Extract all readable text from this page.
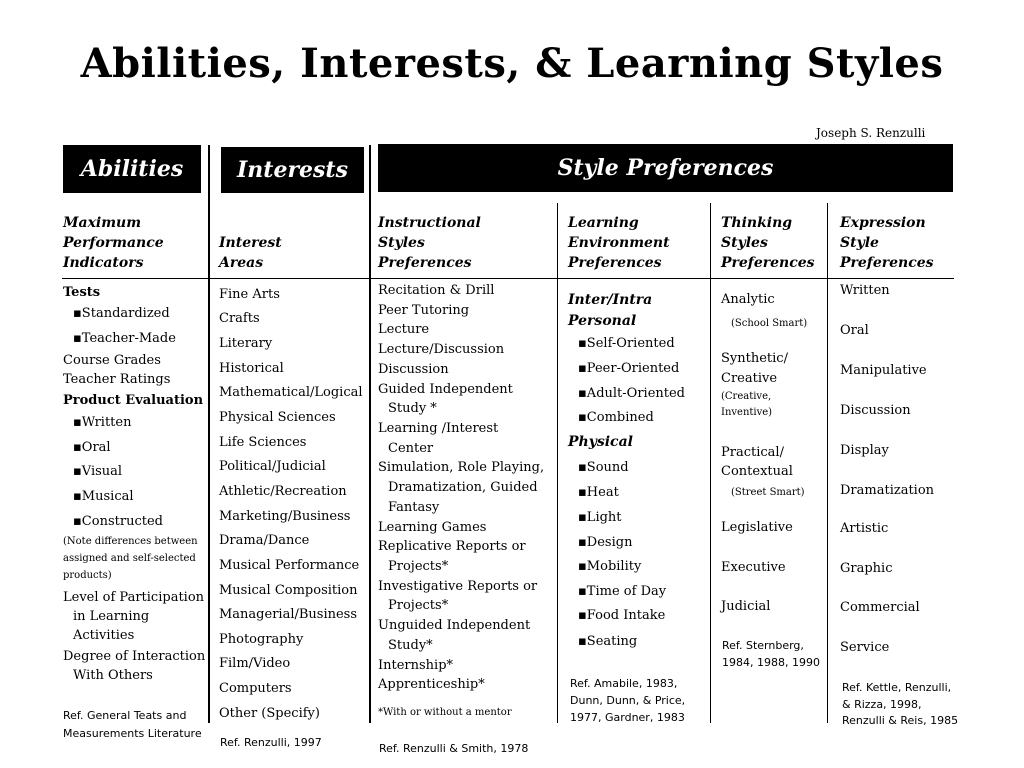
Abilities, Interests, & Learning Styles
Joseph S. Renzulli
Abilities	Interests	Style Preferences
Maximum
Performance
Indicators
Interest
Areas
Instructional
Styles
Preferences
Learning
Environment
Preferences
Thinking
Styles
Preferences
Expression
Style
Preferences
Tests
▪Standardized
▪Teacher-Made
Course Grades
Teacher Ratings
Product Evaluation
▪Written
▪Oral
▪Visual
▪Musical
▪Constructed
(Note differences between
assigned and self-selected
products)
Level of Participation
in Learning
Activities
Degree of Interaction
With Others
Ref. General Teats and
Measurements Literature
Fine Arts
Crafts
Literary
Historical
Mathematical/Logical
Physical Sciences
Life Sciences
Political/Judicial
Athletic/Recreation
Marketing/Business
Drama/Dance
Musical Performance
Musical Composition
Managerial/Business
Photography
Film/Video
Computers
Other (Specify)
Ref. Renzulli, 1997
Recitation & Drill
Peer Tutoring
Lecture
Lecture/Discussion
Discussion
Guided Independent
Study *
Learning /Interest
Center
Simulation, Role Playing,
Dramatization, Guided
Fantasy
Learning Games
Replicative Reports or
Projects*
Investigative Reports or
Projects*
Unguided Independent
Study*
Internship*
Apprenticeship*
*With or without a mentor
Ref. Renzulli & Smith, 1978
Inter/Intra
Personal
▪Self-Oriented
▪Peer-Oriented
▪Adult-Oriented
▪Combined
Physical
▪Sound
▪Heat
▪Light
▪Design
▪Mobility
▪Time of Day
▪Food Intake
▪Seating
Ref. Amabile, 1983,
Dunn, Dunn, & Price,
1977, Gardner, 1983
Analytic
(School Smart)
Synthetic/
Creative
(Creative,
Inventive)
Practical/
Contextual
(Street Smart)
Legislative
Executive
Judicial
Ref. Sternberg,
1984, 1988, 1990
Written
Oral
Manipulative
Discussion
Display
Dramatization
Artistic
Graphic
Commercial
Service
Ref. Kettle, Renzulli,
& Rizza, 1998,
Renzulli & Reis, 1985
